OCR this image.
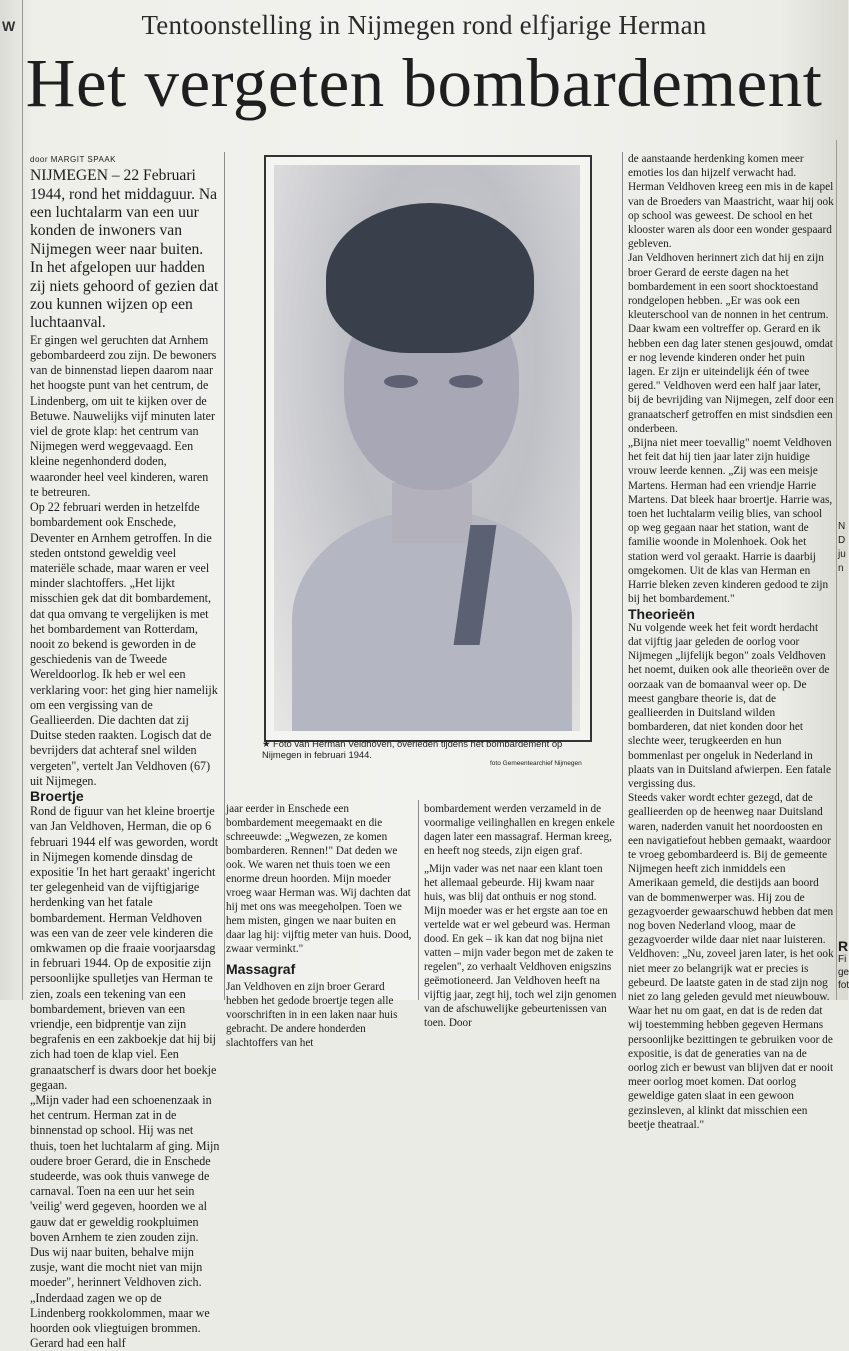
W	Tentoonstelling in Nijmegen rond elfjarige Herman
Het vergeten bombardement

door MARGIT SPAAK

NIJMEGEN – 22 Februari 1944, rond het middaguur. Na een luchtalarm van een uur konden de inwoners van Nijmegen weer naar buiten. In het afgelopen uur hadden zij niets gehoord of gezien dat zou kunnen wijzen op een luchtaanval.

Er gingen wel geruchten dat Arnhem gebombardeerd zou zijn. De bewoners van de binnenstad liepen daarom naar het hoogste punt van het centrum, de Lindenberg, om uit te kijken over de Betuwe. Nauwelijks vijf minuten later viel de grote klap: het centrum van Nijmegen werd weggevaagd. Een kleine negenhonderd doden, waaronder heel veel kinderen, waren te betreuren.

Op 22 februari werden in hetzelfde bombardement ook Enschede, Deventer en Arnhem getroffen. In die steden ontstond geweldig veel materiële schade, maar waren er veel minder slachtoffers. „Het lijkt misschien gek dat dit bombardement, dat qua omvang te vergelijken is met het bombardement van Rotterdam, nooit zo bekend is geworden in de geschiedenis van de Tweede Wereldoorlog. Ik heb er wel een verklaring voor: het ging hier namelijk om een vergissing van de Geallieerden. Die dachten dat zij Duitse steden raakten. Logisch dat de bevrijders dat achteraf snel wilden vergeten", vertelt Jan Veldhoven (67) uit Nijmegen.

Broertje

Rond de figuur van het kleine broertje van Jan Veldhoven, Herman, die op 6 februari 1944 elf was geworden, wordt in Nijmegen komende dinsdag de expositie 'In het hart geraakt' ingericht ter gelegenheid van de vijftigjarige herdenking van het fatale bombardement. Herman Veldhoven was een van de zeer vele kinderen die omkwamen op die fraaie voorjaarsdag in februari 1944. Op de expositie zijn persoonlijke spulletjes van Herman te zien, zoals een tekening van een bombardement, brieven van een vriendje, een bidprentje van zijn begrafenis en een zakboekje dat hij bij zich had toen de klap viel. Een granaatscherf is dwars door het boekje gegaan.

„Mijn vader had een schoenenzaak in het centrum. Herman zat in de binnenstad op school. Hij was net thuis, toen het luchtalarm af ging. Mijn oudere broer Gerard, die in Enschede studeerde, was ook thuis vanwege de carnaval. Toen na een uur het sein 'veilig' werd gegeven, hoorden we al gauw dat er geweldig rookpluimen boven Arnhem te zien zouden zijn. Dus wij naar buiten, behalve mijn zusje, want die mocht niet van mijn moeder", herinnert Veldhoven zich.

„Inderdaad zagen we op de Lindenberg rookkolommen, maar we hoorden ook vliegtuigen brommen. Gerard had een half

★ Foto van Herman Veldhoven, overleden tijdens het bombardement op Nijmegen in februari 1944.
foto Gemeentearchief Nijmegen

jaar eerder in Enschede een bombardement meegemaakt en die schreeuwde: „Wegwezen, ze komen bombarderen. Rennen!" Dat deden we ook. We waren net thuis toen we een enorme dreun hoorden. Mijn moeder vroeg waar Herman was. Wij dachten dat hij met ons was meegeholpen. Toen we hem misten, gingen we naar buiten en daar lag hij: vijftig meter van huis. Dood, zwaar verminkt."

Massagraf

Jan Veldhoven en zijn broer Gerard hebben het gedode broertje tegen alle voorschriften in in een laken naar huis gebracht. De andere honderden slachtoffers van het

bombardement werden verzameld in de voormalige veilinghallen en kregen enkele dagen later een massagraf. Herman kreeg, en heeft nog steeds, zijn eigen graf.

„Mijn vader was net naar een klant toen het allemaal gebeurde. Hij kwam naar huis, was blij dat onthuis er nog stond. Mijn moeder was er het ergste aan toe en vertelde wat er wel gebeurd was. Herman dood. En gek – ik kan dat nog bijna niet vatten – mijn vader begon met de zaken te regelen", zo verhaalt Veldhoven enigszins geëmotioneerd. Jan Veldhoven heeft na vijftig jaar, zegt hij, toch wel zijn genomen van de afschuwelijke gebeurtenissen van toen. Door

de aanstaande herdenking komen meer emoties los dan hijzelf verwacht had. Herman Veldhoven kreeg een mis in de kapel van de Broeders van Maastricht, waar hij ook op school was geweest. De school en het klooster waren als door een wonder gespaard gebleven.

Jan Veldhoven herinnert zich dat hij en zijn broer Gerard de eerste dagen na het bombardement in een soort shocktoestand rondgelopen hebben. „Er was ook een kleuterschool van de nonnen in het centrum. Daar kwam een voltreffer op. Gerard en ik hebben een dag later stenen gesjouwd, omdat er nog levende kinderen onder het puin lagen. Er zijn er uiteindelijk één of twee gered." Veldhoven werd een half jaar later, bij de bevrijding van Nijmegen, zelf door een granaatscherf getroffen en mist sindsdien een onderbeen.

„Bijna niet meer toevallig" noemt Veldhoven het feit dat hij tien jaar later zijn huidige vrouw leerde kennen. „Zij was een meisje Martens. Herman had een vriendje Harrie Martens. Dat bleek haar broertje. Harrie was, toen het luchtalarm veilig blies, van school op weg gegaan naar het station, want de familie woonde in Molenhoek. Ook het station werd vol geraakt. Harrie is daarbij omgekomen. Uit de klas van Herman en Harrie bleken zeven kinderen gedood te zijn bij het bombardement."

Theorieën

Nu volgende week het feit wordt herdacht dat vijftig jaar geleden de oorlog voor Nijmegen „lijfelijk begon" zoals Veldhoven het noemt, duiken ook alle theorieën over de oorzaak van de bomaanval weer op. De meest gangbare theorie is, dat de geallieerden in Duitsland wilden bombarderen, dat niet konden door het slechte weer, terugkeerden en hun bommenlast per ongeluk in Nederland in plaats van in Duitsland afwierpen. Een fatale vergissing dus.

Steeds vaker wordt echter gezegd, dat de geallieerden op de heenweg naar Duitsland waren, naderden vanuit het noordoosten en een navigatiefout hebben gemaakt, waardoor te vroeg gebombardeerd is. Bij de gemeente Nijmegen heeft zich inmiddels een Amerikaan gemeld, die destijds aan boord van de bommenwerper was. Hij zou de gezagvoerder gewaarschuwd hebben dat men nog boven Nederland vloog, maar de gezagvoerder wilde daar niet naar luisteren. Veldhoven: „Nu, zoveel jaren later, is het ook niet meer zo belangrijk wat er precies is gebeurd. De laatste gaten in de stad zijn nog niet zo lang geleden gevuld met nieuwbouw. Waar het nu om gaat, en dat is de reden dat wij toestemming hebben gegeven Hermans persoonlijke bezittingen te gebruiken voor de expositie, is dat de generaties van na de oorlog zich er bewust van blijven dat er nooit meer oorlog moet komen. Dat oorlog geweldige gaten slaat in een gewoon gezinsleven, al klinkt dat misschien een beetje theatraal."

N
D
ju
n
R
Fi
ge
fot
